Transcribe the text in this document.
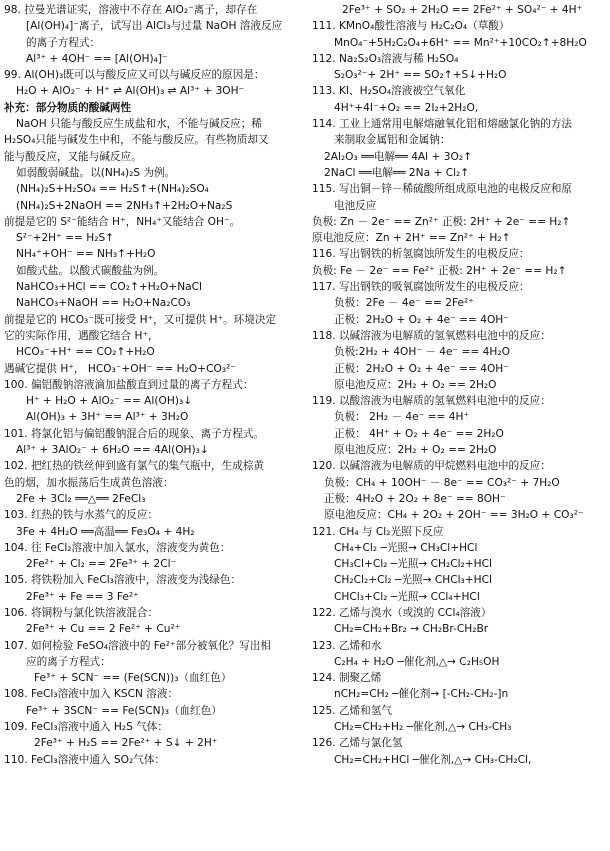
98. 拉曼光谱证实，溶液中不存在 AlO₂⁻离子，却存在
[Al(OH)₄]⁻离子，试写出 AlCl₃与过量 NaOH 溶液反应
的离子方程式：
Al³⁺ + 4OH⁻ == [Al(OH)₄]⁻
99. Al(OH)₃既可以与酸反应又可以与碱反应的原因是：
H₂O + AlO₂⁻ + H⁺ ⇌ Al(OH)₃ ⇌ Al³⁺ + 3OH⁻
补充：部分物质的酸碱两性
NaOH 只能与酸反应生成盐和水，不能与碱反应；稀
H₂SO₄只能与碱发生中和，不能与酸反应。有些物质却又
能与酸反应，又能与碱反应。
如弱酸弱碱盐。以(NH₄)₂S 为例。
(NH₄)₂S+H₂SO₄ == H₂S↑+(NH₄)₂SO₄
(NH₄)₂S+2NaOH == 2NH₃↑+2H₂O+Na₂S
前提是它的 S²⁻能结合 H⁺，NH₄⁺又能结合 OH⁻。
S²⁻+2H⁺ == H₂S↑
NH₄⁺+OH⁻ == NH₃↑+H₂O
如酸式盐。以酸式碳酸盐为例。
NaHCO₃+HCl == CO₂↑+H₂O+NaCl
NaHCO₃+NaOH == H₂O+Na₂CO₃
前提是它的 HCO₃⁻既可接受 H⁺，又可提供 H⁺。环境决定
它的实际作用，遇酸它结合 H⁺，
HCO₃⁻+H⁺ == CO₂↑+H₂O
遇碱它提供 H⁺， HCO₃⁻+OH⁻ == H₂O+CO₃²⁻
100. 偏铝酸钠溶液滴加盐酸直到过量的离子方程式：
H⁺ + H₂O + AlO₂⁻ == Al(OH)₃↓
Al(OH)₃ + 3H⁺ == Al³⁺ + 3H₂O
101. 将氯化铝与偏铝酸钠混合后的现象、离子方程式。
Al³⁺ + 3AlO₂⁻ + 6H₂O == 4Al(OH)₃↓
102. 把红热的铁丝伸到盛有氯气的集气瓶中，生成棕黄
色的烟，加水振荡后生成黄色溶液：
2Fe + 3Cl₂ ══△══ 2FeCl₃
103. 红热的铁与水蒸气的反应：
3Fe + 4H₂O ══高温══ Fe₃O₄ + 4H₂
104. 往 FeCl₂溶液中加入氯水，溶液变为黄色：
2Fe²⁺ + Cl₂ == 2Fe³⁺ + 2Cl⁻
105. 将铁粉加入 FeCl₃溶液中，溶液变为浅绿色：
2Fe³⁺ + Fe == 3 Fe²⁺
106. 将铜粉与氯化铁溶液混合：
2Fe³⁺ + Cu == 2 Fe²⁺ + Cu²⁺
107. 如何检验 FeSO₄溶液中的 Fe²⁺部分被氧化？写出相
应的离子方程式：
Fe³⁺ + SCN⁻ == (Fe(SCN))₃（血红色）
108. FeCl₃溶液中加入 KSCN 溶液：
Fe³⁺ + 3SCN⁻ == Fe(SCN)₃（血红色）
109. FeCl₃溶液中通入 H₂S 气体：
2Fe³⁺ + H₂S == 2Fe²⁺ + S↓ + 2H⁺
110. FeCl₃溶液中通入 SO₂气体：
2Fe³⁺ + SO₂ + 2H₂O == 2Fe²⁺ + SO₄²⁻ + 4H⁺
111. KMnO₄酸性溶液与 H₂C₂O₄（草酸）
MnO₄⁻+5H₂C₂O₄+6H⁺ == Mn²⁺+10CO₂↑+8H₂O
112. Na₂S₂O₃溶液与稀 H₂SO₄
S₂O₃²⁻+ 2H⁺ == SO₂↑+S↓+H₂O
113. KI、H₂SO₄溶液被空气氧化
4H⁺+4I⁻+O₂ == 2I₂+2H₂O,
114. 工业上通常用电解熔融氧化铝和熔融氯化钠的方法
来制取金属铝和金属钠：
2Al₂O₃ ══电解══ 4Al + 3O₂↑
2NaCl ══电解══ 2Na + Cl₂↑
115. 写出铜－锌－稀硫酸所组成原电池的电极反应和原
电池反应
负极: Zn － 2e⁻ == Zn²⁺ 正极: 2H⁺ + 2e⁻ == H₂↑
原电池反应：Zn + 2H⁺ == Zn²⁺ + H₂↑
116. 写出钢铁的析氢腐蚀所发生的电极反应：
负极: Fe － 2e⁻ == Fe²⁺ 正极: 2H⁺ + 2e⁻ == H₂↑
117. 写出钢铁的吸氧腐蚀所发生的电极反应：
负极：2Fe － 4e⁻ == 2Fe²⁺
正极：2H₂O + O₂ + 4e⁻ == 4OH⁻
118. 以碱溶液为电解质的氢氧燃料电池中的反应：
负极:2H₂ + 4OH⁻ － 4e⁻ == 4H₂O
正极：2H₂O + O₂ + 4e⁻ == 4OH⁻
原电池反应：2H₂ + O₂ == 2H₂O
119. 以酸溶液为电解质的氢氧燃料电池中的反应：
负极： 2H₂ － 4e⁻ == 4H⁺
正极： 4H⁺ + O₂ + 4e⁻ == 2H₂O
原电池反应：2H₂ + O₂ == 2H₂O
120. 以碱溶液为电解质的甲烷燃料电池中的反应：
负极：CH₄ + 10OH⁻ － 8e⁻ == CO₃²⁻ + 7H₂O
正极：4H₂O + 2O₂ + 8e⁻ == 8OH⁻
原电池反应：CH₄ + 2O₂ + 2OH⁻ == 3H₂O + CO₃²⁻
121. CH₄ 与 Cl₂光照下反应
CH₄+Cl₂ ─光照→ CH₃Cl+HCl
CH₃Cl+Cl₂ ─光照→ CH₂Cl₂+HCl
CH₂Cl₂+Cl₂ ─光照→ CHCl₃+HCl
CHCl₃+Cl₂ ─光照→ CCl₄+HCl
122. 乙烯与溴水（或溴的 CCl₄溶液）
CH₂=CH₂+Br₂ → CH₂Br-CH₂Br
123. 乙烯和水
C₂H₄ + H₂O ─催化剂,△→ C₂H₅OH
124. 制聚乙烯
nCH₂=CH₂ ─催化剂→ [-CH₂-CH₂-]n
125. 乙烯和氢气
CH₂=CH₂+H₂ ─催化剂,△→ CH₃-CH₃
126. 乙烯与氯化氢
CH₂=CH₂+HCl ─催化剂,△→ CH₃-CH₂Cl,
